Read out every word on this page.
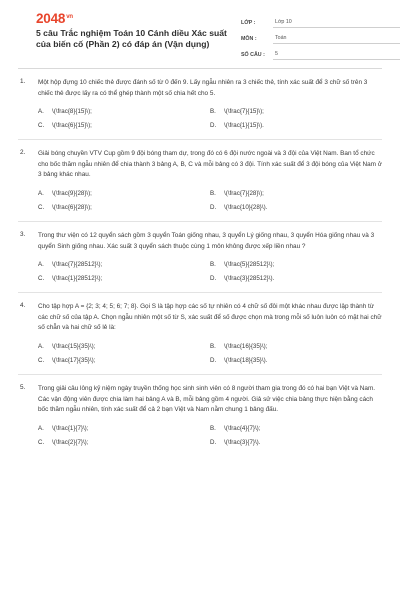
$2048^{vn}$
5 câu Trắc nghiệm Toán 10 Cánh diều Xác suất của biến cố (Phần 2) có đáp án (Vận dụng)
LỚP :	Lớp 10
MÔN :	Toán
SỐ CÂU :	5
1. Một hộp đựng 10 chiếc thẻ được đánh số từ 0 đến 9. Lấy ngẫu nhiên ra 3 chiếc thẻ, tính xác suất để 3 chữ số trên 3 chiếc thẻ được lấy ra có thể ghép thành một số chia hết cho 5.
A. \(\frac{8}{15}\);	B. \(\frac{7}{15}\);
C. \(\frac{6}{15}\);	D. \(\frac{1}{15}\).
2. Giải bóng chuyền VTV Cup gồm 9 đội bóng tham dự, trong đó có 6 đội nước ngoài và 3 đội của Việt Nam. Ban tổ chức cho bốc thăm ngẫu nhiên để chia thành 3 bảng A, B, C và mỗi bảng có 3 đội. Tính xác suất để 3 đội bóng của Việt Nam ở 3 bảng khác nhau.
A. \(\frac{9}{28}\);	B. \(\frac{7}{28}\);
C. \(\frac{6}{28}\);	D. \(\frac{10}{28}\).
3. Trong thư viện có 12 quyển sách gồm 3 quyển Toán giống nhau, 3 quyển Lý giống nhau, 3 quyển Hóa giống nhau và 3 quyển Sinh giống nhau. Xác suất 3 quyển sách thuộc cùng 1 môn không được xếp liền nhau ?
A. \(\frac{7}{28512}\);	B. \(\frac{5}{28512}\);
C. \(\frac{1}{28512}\);	D. \(\frac{3}{28512}\).
4. Cho tập hợp A = {2; 3; 4; 5; 6; 7; 8}. Gọi S là tập hợp các số tự nhiên có 4 chữ số đôi một khác nhau được lập thành từ các chữ số của tập A. Chọn ngẫu nhiên một số từ S, xác suất để số được chọn mà trong mỗi số luôn luôn có mặt hai chữ số chẵn và hai chữ số lẻ là:
A. \(\frac{15}{35}\);	B. \(\frac{16}{35}\);
C. \(\frac{17}{35}\);	D. \(\frac{18}{35}\).
5. Trong giải câu lông kỷ niệm ngày truyền thống học sinh sinh viên có 8 người tham gia trong đó có hai bạn Việt và Nam. Các vận động viên được chia làm hai bảng A và B, mỗi bảng gồm 4 người. Giả sử việc chia bảng thực hiện bằng cách bốc thăm ngẫu nhiên, tính xác suất để cả 2 bạn Việt và Nam nằm chung 1 bảng đấu.
A. \(\frac{1}{7}\);	B. \(\frac{4}{7}\);
C. \(\frac{2}{7}\);	D. \(\frac{3}{7}\).
